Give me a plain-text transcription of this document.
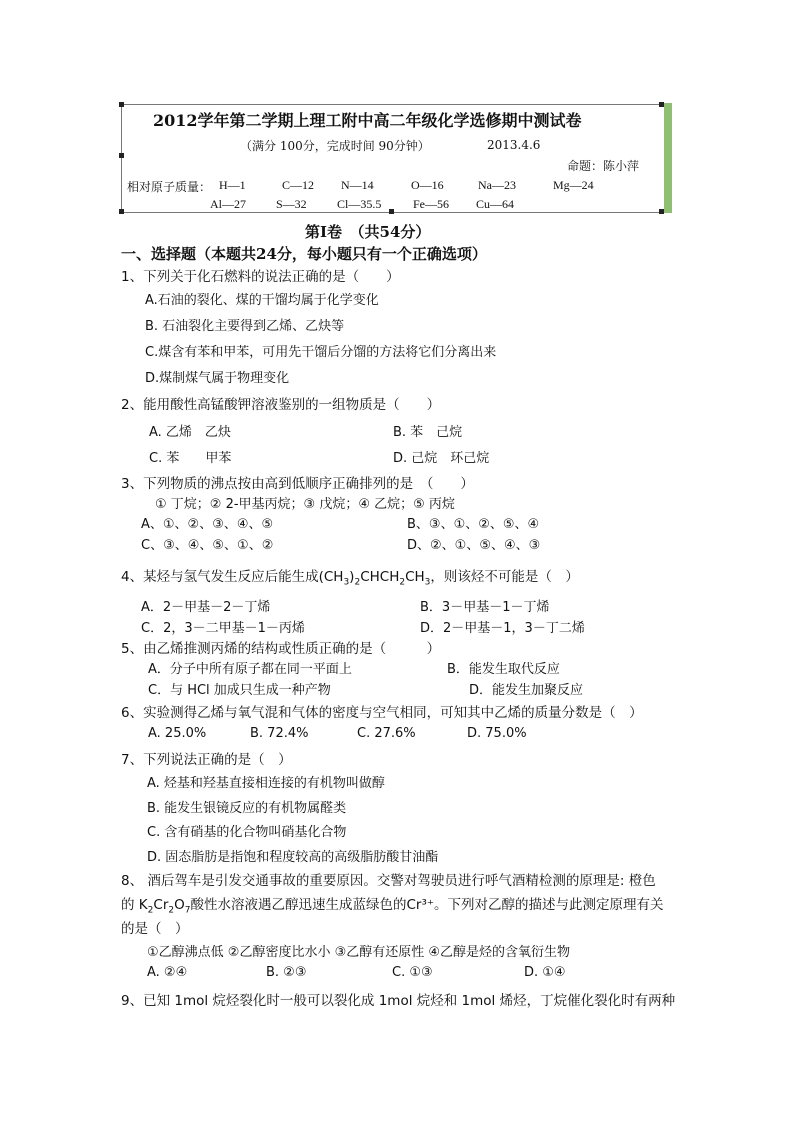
2012学年第二学期上理工附中高二年级化学选修期中测试卷
（满分 100分，完成时间 90分钟）	2013.4.6
命题：陈小萍
相对原子质量： H—1	C—12 N—14	O—16	Na—23	Mg—24
Al—27	S—32	Cl—35.5	Fe—56 Cu—64
第Ⅰ卷　（共54分）
一、选择题（本题共24分，每小题只有一个正确选项）
1、下列关于化石燃料的说法正确的是（　　）
A.石油的裂化、煤的干馏均属于化学变化
B. 石油裂化主要得到乙烯、乙炔等
C.煤含有苯和甲苯，可用先干馏后分馏的方法将它们分离出来
D.煤制煤气属于物理变化
2、能用酸性高锰酸钾溶液鉴别的一组物质是（　　）
A. 乙烯　乙炔	B. 苯　己烷
C. 苯　　甲苯	D. 己烷　环己烷
3、下列物质的沸点按由高到低顺序正确排列的是　（　　）
① 丁烷；② 2-甲基丙烷；③ 戊烷；④ 乙烷；⑤ 丙烷
A、①、②、③、④、⑤	B、③、①、②、⑤、④
C、③、④、⑤、①、②	D、②、①、⑤、④、③
4、某烃与氢气发生反应后能生成$(CH_3)_2CHCH_2CH_3$，则该烃不可能是（　）
A．2－甲基－2－丁烯	B．3－甲基－1－丁烯
C．2，3－二甲基－1－丙烯	D．2－甲基－1，3－丁二烯
5、由乙烯推测丙烯的结构或性质正确的是（　　　）
A．分子中所有原子都在同一平面上	B．能发生取代反应
C．与 HCl 加成只生成一种产物	D．能发生加聚反应
6、实验测得乙烯与氧气混和气体的密度与空气相同，可知其中乙烯的质量分数是（　）
A. 25.0%	B. 72.4%	C. 27.6%	D. 75.0%
7、下列说法正确的是（　）
A. 烃基和羟基直接相连接的有机物叫做醇
B. 能发生银镜反应的有机物属醛类
C. 含有硝基的化合物叫硝基化合物
D. 固态脂肪是指饱和程度较高的高级脂肪酸甘油酯
8、 酒后驾车是引发交通事故的重要原因。交警对驾驶员进行呼气酒精检测的原理是: 橙色
的 $K_2Cr_2O_7$酸性水溶液遇乙醇迅速生成蓝绿色的Cr³⁺。下列对乙醇的描述与此测定原理有关
的是（　）
①乙醇沸点低 ②乙醇密度比水小 ③乙醇有还原性 ④乙醇是烃的含氧衍生物
A. ②④	B. ②③	C. ①③	D. ①④
9、已知 1mol 烷烃裂化时一般可以裂化成 1mol 烷烃和 1mol 烯烃，丁烷催化裂化时有两种
